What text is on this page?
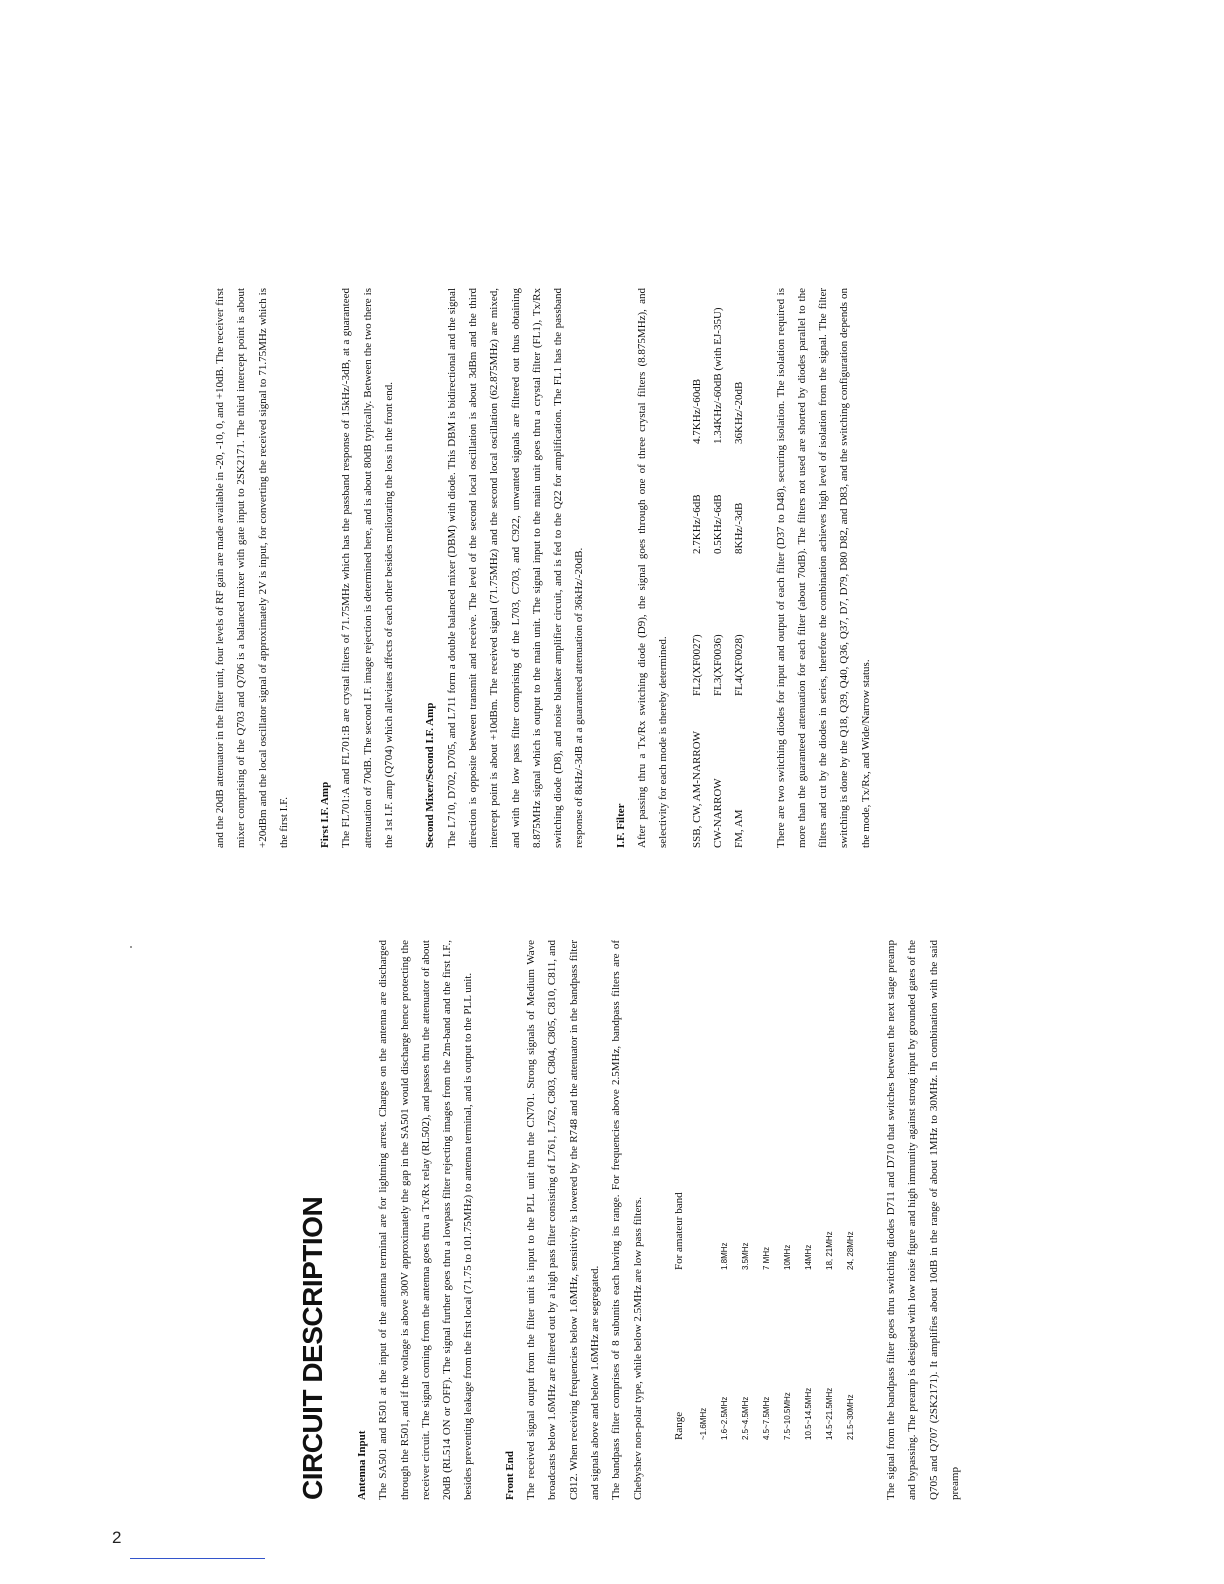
2
CIRCUIT DESCRIPTION	Antenna Input The SA501 and R501 at the input of the antenna terminal are for lightning arrest. Charges on the antenna are discharged through the R501, and if the voltage is above 300V approximately the gap in the SA501 would discharge hence protecting the receiver circuit. The signal coming from the antenna goes thru a Tx/Rx relay (RL502), and passes thru the attenuator of about 20dB (RL514 ON or OFF). The signal further goes thru a lowpass filter rejecting images from the 2m-band and the first I.F., besides preventing leakage from the first local (71.75 to 101.75MHz) to antenna terminal, and is output to the PLL unit.	Front End The received signal output from the filter unit is input to the PLL unit thru the CN701. Strong signals of Medium Wave broadcasts below 1.6MHz are filtered out by a high pass filter consisting of L761, L762, C803, C804, C805, C810, C811, and C812. When receiving frequencies below 1.6MHz, sensitivity is lowered by the R748 and the attenuator in the bandpass filter and signals above and below 1.6MHz are segregated. The bandpass filter comprises of 8 subunits each having its range. For frequencies above 2.5MHz, bandpass filters are of Chebyshev non-polar type, while below 2.5MHz are low pass filters.	Range	For amateur band
~1.6MHz	
1.6~2.5MHz	1.8MHz
2.5~4.5MHz	3.5MHz
4.5~7.5MHz	7 MHz
7.5~10.5MHz	10MHz
10.5~14.5MHz	14MHz
14.5~21.5MHz	18, 21MHz
21.5~30MHz	24, 28MHz	The signal from the bandpass filter goes thru switching diodes D711 and D710 that switches between the next stage preamp and bypassing. The preamp is designed with low noise figure and high immunity against strong input by grounded gates of the Q705 and Q707 (2SK2171). It amplifies about 10dB in the range of about 1MHz to 30MHz. In combination with the said preamp

and the 20dB attenuator in the filter unit, four levels of RF gain are made available in -20, -10, 0, and +10dB. The receiver first mixer comprising of the Q703 and Q706 is a balanced mixer with gate input to 2SK2171. The third intercept point is about +20dBm and the local oscillator signal of approximately 2V is input, for converting the received signal to 71.75MHz which is the first I.F.	First I.F. Amp The FL701:A and FL701:B are crystal filters of 71.75MHz which has the passband response of 15kHz/-3dB, at a guaranteed attenuation of 70dB. The second I.F. image rejection is determined here, and is about 80dB typically. Between the two there is the 1st I.F. amp (Q704) which alleviates affects of each other besides meliorating the loss in the front end.	Second Mixer/Second I.F. Amp The L710, D702, D705, and L711 form a double balanced mixer (DBM) with diode. This DBM is bidirectional and the signal direction is opposite between transmit and receive. The level of the second local oscillation is about 3dBm and the third intercept point is about +10dBm. The received signal (71.75MHz) and the second local oscillation (62.875MHz) are mixed, and with the low pass filter comprising of the L703, C703, and C922, unwanted signals are filtered out thus obtaining 8.875MHz signal which is output to the main unit. The signal input to the main unit goes thru a crystal filter (FL1), Tx/Rx switching diode (D8), and noise blanker amplifier circuit, and is fed to the Q22 for amplification. The FL1 has the passband response of 8kHz/-3dB at a guaranteed attenuation of 36kHz/-20dB.	I.F. Filter After passing thru a Tx/Rx switching diode (D9), the signal goes through one of three crystal filters (8.875MHz), and selectivity for each mode is thereby determined.	SSB, CW, AM-NARROW	FL2(XF0027)	2.7KHz/-6dB	4.7KHz/-60dB
CW-NARROW	FL3(XF0036)	0.5KHz/-6dB	1.34KHz/-60dB (with EJ-35U)
FM, AM	FL4(XF0028)	8KHz/-3dB	36KHz/-20dB	There are two switching diodes for input and output of each filter (D37 to D48), securing isolation. The isolation required is more than the guaranteed attenuation for each filter (about 70dB). The filters not used are shorted by diodes parallel to the filters and cut by the diodes in series, therefore the combination achieves high level of isolation from the signal. The filter switching is done by the Q18, Q39, Q40, Q36, Q37, D7, D79, D80 D82, and D83, and the switching configuration depends on the mode, Tx/Rx, and Wide/Narrow status.
